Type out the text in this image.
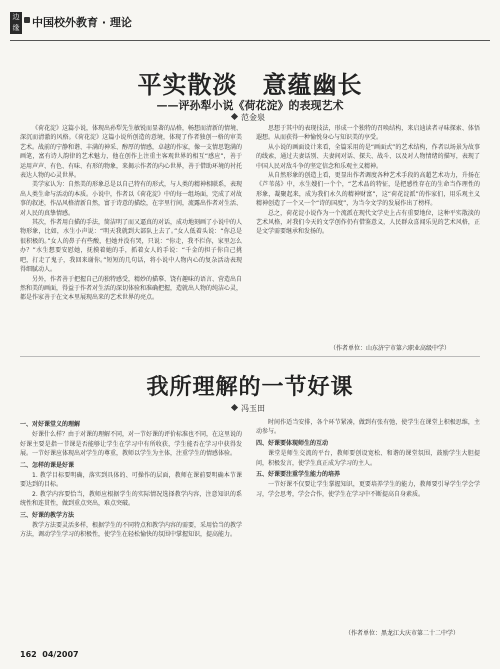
边缘 中国校外教育 · 理论
平实散淡　意蕴幽长
——评孙犁小说《荷花淀》的表现艺术
范金泉

《荷花淀》这篇小说，体现出孙犁先生敏锐而显著的品格，畅想而清新的情境、深沉而清澈的风格。《荷花淀》这篇小说所创造的意境，体现了作者独创一格的审美艺术。战前的宁静和谐、丰满的神采、醇厚的情感，卓越的作家，像一支情思饱满的画笔，富有诗人韵律的艺术魅力，他在创作上注重主客观世界的相互“感应”，善于运用声声、有色、有味、有形的物象，来揭示作者的内心世界，善于借助环境的衬托表达人物的心灵世界。

美学家认为：自然美的形象总是以自己特有的形式，与人类的精神相联系，表现出人类生命与活动的本质。小说中，作者以《荷花淀》中的每一组场面，完成了对故事的叙述，作品风格清新自然，富于诗意的描绘，在字里行间，流露出作者对生活、对人民的真挚情感。

其次，作者用白描的手法，简洁明了而又逼真的对话，成功地刻画了小说中的人物形象，比如，水生小声说：“明天我就到大部队上去了。”女人低着头说：“你总是很积极的。”女人的鼻子有些酸，但她并没有哭，只说：“你走，我不拦你，家里怎么办？”水生想要安慰她，抚摸着她的手，抓着女人的手说：“千金的担子你自己挑吧，打走了鬼子，我回来谢你。”短短的几句话，将小说中人物内心的复杂活动表现得细腻动人。

另外，作者善于把握自己的独特感受，精妙的描摹、饶有趣味的语言、营造出自然和美的画面，得益于作者对生活的深切体验和准确把握，造就出人物的纯洁心灵，都是作家善于在文本里展现出来的艺术世界的亮点。

思想于其中的表现技法，形成一个独特的召唤结构，来启迪读者寻味探索、体悟遐想。从而获得一种愉悦身心与知识美的享受。

从小说的画面设计来看，全篇采用的是“画面式”的艺术结构，作者以场景为故事的线索，通过夫妻话别、夫妻间对话、探夫、战斗、以及对人物情绪的描写，表现了中国人民对敌斗争的坚定信念和乐观主义精神。

从自然形象的创造上看，更显出作者调度各种艺术手段的高超艺术功力，升扬在《芦苇荡》中，水生嫂们一个个，“艺术品的特征，是把感性存在的生命当作理性的形象，凝聚起来，成为我们永久的精神财富”，这“荷花淀派”的作家们，用乐观主义精神创造了一个又一个“诗的国度”，为当今文学的发展作出了榜样。

总之，荷花淀小说作为一个流派在现代文学史上占有重要地位，这种平实散淡的艺术风格，对我们今天的文学创作仍有借鉴意义，人民群众喜闻乐见的艺术风格，正是文学需要继承和发扬的。

（作者单位：山东济宁市第六职业高级中学）
我所理解的一节好课
冯玉田

一、对好课堂义的理解

好课什么样？由于对课的理解不同，对一节好课的评价标准也不同，在这里说的好课主要是指一节课是否能够让学生在学习中有所收获，学生能否在学习中获得发展。一节好课应体现出对学生的尊重，教师以学生为主体，注重学生的情感体验。

二、怎样的课是好课

1. 教学目标要明确，落实到具体的、可操作的层面，教师在课前要明确本节课要达到的目标。

2. 教学内容要恰当，教师应根据学生的实际情况选择教学内容，注意知识的系统性和连贯性，做到重点突出，难点突破。

三、好课的教学方法

教学方法要灵活多样，根据学生的不同特点和教学内容的需要，采用恰当的教学方法，调动学生学习的积极性，使学生在轻松愉快的氛围中掌握知识，提高能力。

时间作适当安排，各个环节紧凑，做到有张有弛，使学生在课堂上积极思维，主动参与。

四、好课要体现师生的互动

课堂是师生交流的平台，教师要创设宽松、和谐的课堂氛围，鼓励学生大胆提问，积极发言，使学生真正成为学习的主人。

五、好课要注重学生能力的培养

一节好课不仅要让学生掌握知识，更要培养学生的能力，教师要引导学生学会学习，学会思考，学会合作，使学生在学习中不断提高自身素质。

（作者单位：黑龙江大庆市第二十二中学）
162 04/2007
